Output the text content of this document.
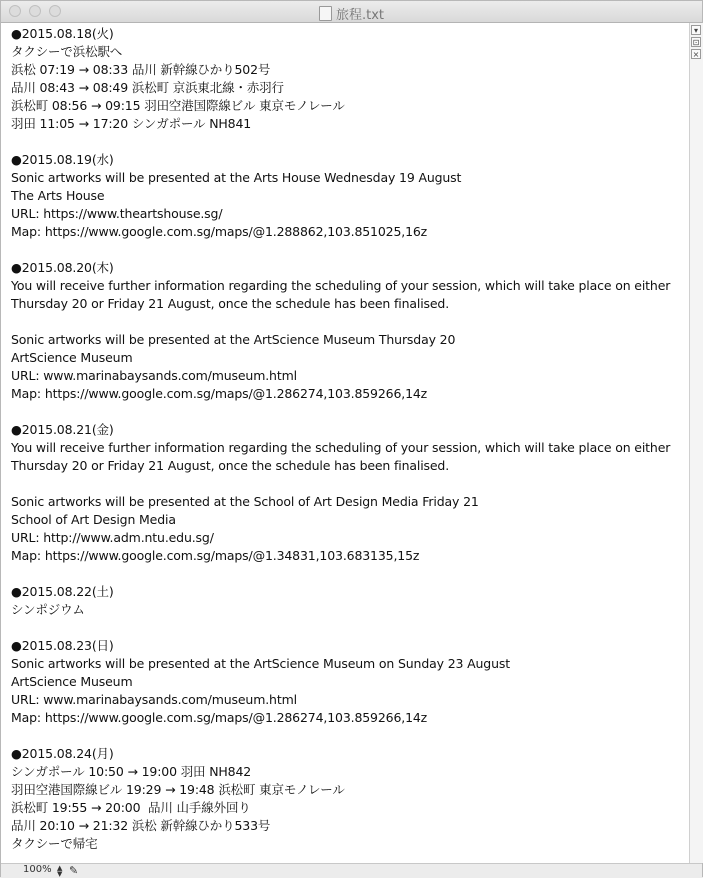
旅程.txt
●2015.08.18(火)
タクシーで浜松駅へ
浜松 07:19 → 08:33 品川 新幹線ひかり502号
品川 08:43 → 08:49 浜松町 京浜東北線・赤羽行
浜松町 08:56 → 09:15 羽田空港国際線ビル 東京モノレール
羽田 11:05 → 17:20 シンガポール NH841
●2015.08.19(水)
Sonic artworks will be presented at the Arts House Wednesday 19 August
The Arts House
URL: https://www.theartshouse.sg/
Map: https://www.google.com.sg/maps/@1.288862,103.851025,16z
●2015.08.20(木)
You will receive further information regarding the scheduling of your session, which will take place on either
Thursday 20 or Friday 21 August, once the schedule has been finalised.
Sonic artworks will be presented at the ArtScience Museum Thursday 20
ArtScience Museum
URL: www.marinabaysands.com/museum.html
Map: https://www.google.com.sg/maps/@1.286274,103.859266,14z
●2015.08.21(金)
You will receive further information regarding the scheduling of your session, which will take place on either
Thursday 20 or Friday 21 August, once the schedule has been finalised.
Sonic artworks will be presented at the School of Art Design Media Friday 21
School of Art Design Media
URL: http://www.adm.ntu.edu.sg/
Map: https://www.google.com.sg/maps/@1.34831,103.683135,15z
●2015.08.22(土)
シンポジウム
●2015.08.23(日)
Sonic artworks will be presented at the ArtScience Museum on Sunday 23 August
ArtScience Museum
URL: www.marinabaysands.com/museum.html
Map: https://www.google.com.sg/maps/@1.286274,103.859266,14z
●2015.08.24(月)
シンガポール 10:50 → 19:00 羽田 NH842
羽田空港国際線ビル 19:29 → 19:48 浜松町 東京モノレール
浜松町 19:55 → 20:00  品川 山手線外回り
品川 20:10 → 21:32 浜松 新幹線ひかり533号
タクシーで帰宅
▾
⊡
×
100% ▲
▼ ✎
